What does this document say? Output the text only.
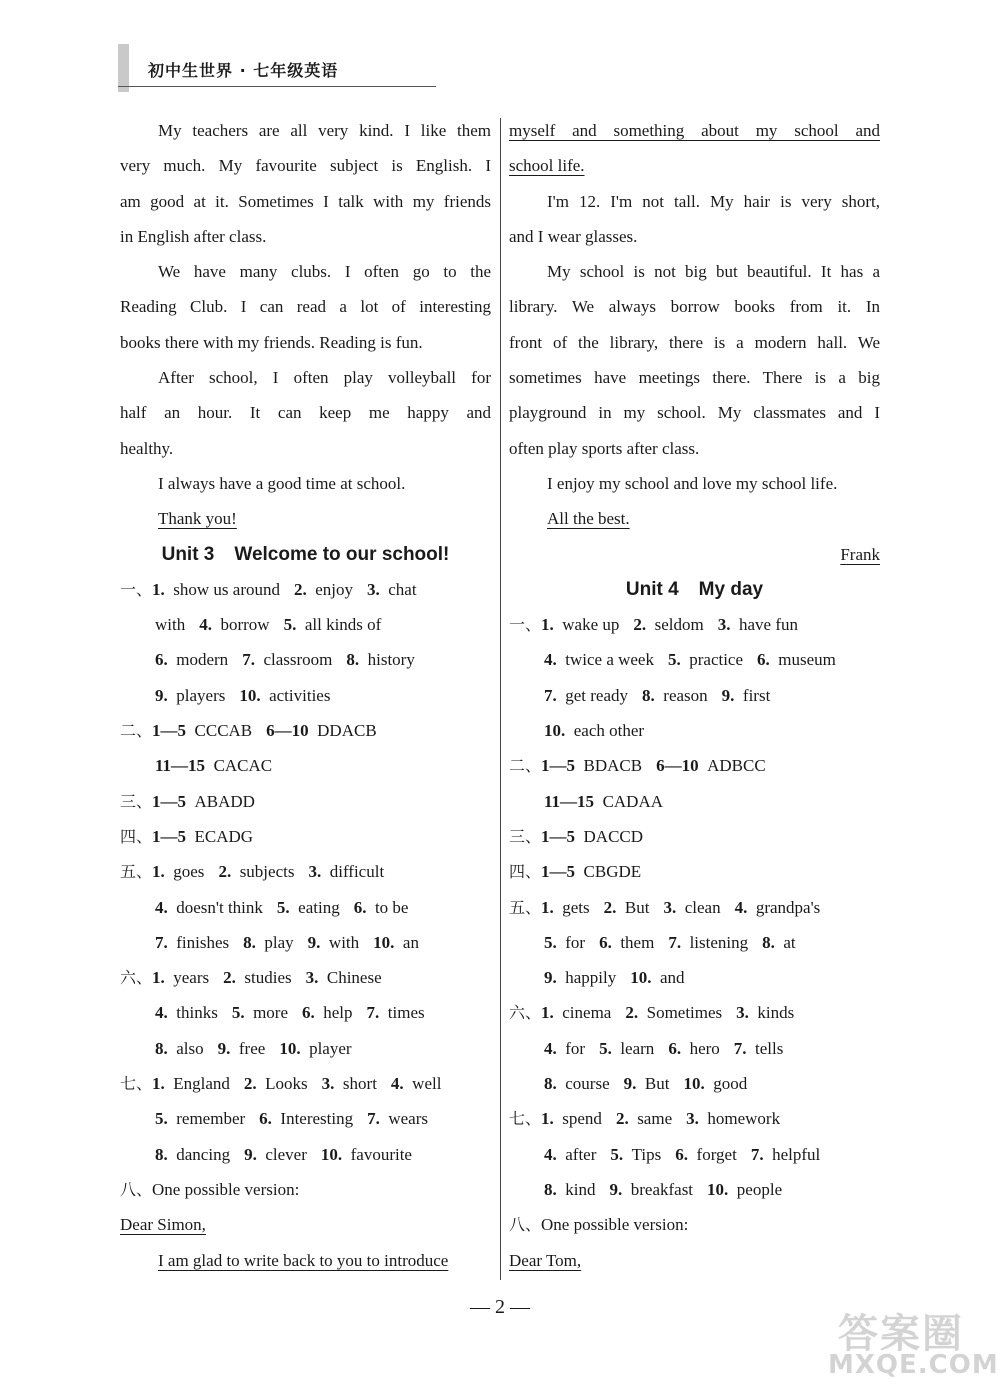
初中生世界 · 七年级英语
My teachers are all very kind. I like them
very much. My favourite subject is English. I
am good at it. Sometimes I talk with my friends
in English after class.
We have many clubs. I often go to the
Reading Club. I can read a lot of interesting
books there with my friends. Reading is fun.
After school, I often play volleyball for
half an hour. It can keep me happy and
healthy.
I always have a good time at school.
Thank you!
Unit 3 Welcome to our school!
一、1. show us around 2. enjoy 3. chat
with 4. borrow 5. all kinds of
6. modern 7. classroom 8. history
9. players 10. activities
二、1—5 CCCAB 6—10 DDACB
11—15 CACAC
三、1—5 ABADD
四、1—5 ECADG
五、1. goes 2. subjects 3. difficult
4. doesn't think 5. eating 6. to be
7. finishes 8. play 9. with 10. an
六、1. years 2. studies 3. Chinese
4. thinks 5. more 6. help 7. times
8. also 9. free 10. player
七、1. England 2. Looks 3. short 4. well
5. remember 6. Interesting 7. wears
8. dancing 9. clever 10. favourite
八、One possible version:
Dear Simon,
I am glad to write back to you to introduce
myself and something about my school and
school life.
I'm 12. I'm not tall. My hair is very short,
and I wear glasses.
My school is not big but beautiful. It has a
library. We always borrow books from it. In
front of the library, there is a modern hall. We
sometimes have meetings there. There is a big
playground in my school. My classmates and I
often play sports after class.
I enjoy my school and love my school life.
All the best.
Frank
Unit 4 My day
一、1. wake up 2. seldom 3. have fun
4. twice a week 5. practice 6. museum
7. get ready 8. reason 9. first
10. each other
二、1—5 BDACB 6—10 ADBCC
11—15 CADAA
三、1—5 DACCD
四、1—5 CBGDE
五、1. gets 2. But 3. clean 4. grandpa's
5. for 6. them 7. listening 8. at
9. happily 10. and
六、1. cinema 2. Sometimes 3. kinds
4. for 5. learn 6. hero 7. tells
8. course 9. But 10. good
七、1. spend 2. same 3. homework
4. after 5. Tips 6. forget 7. helpful
8. kind 9. breakfast 10. people
八、One possible version:
Dear Tom,
— 2 —
答案圈
MXQE.COM
